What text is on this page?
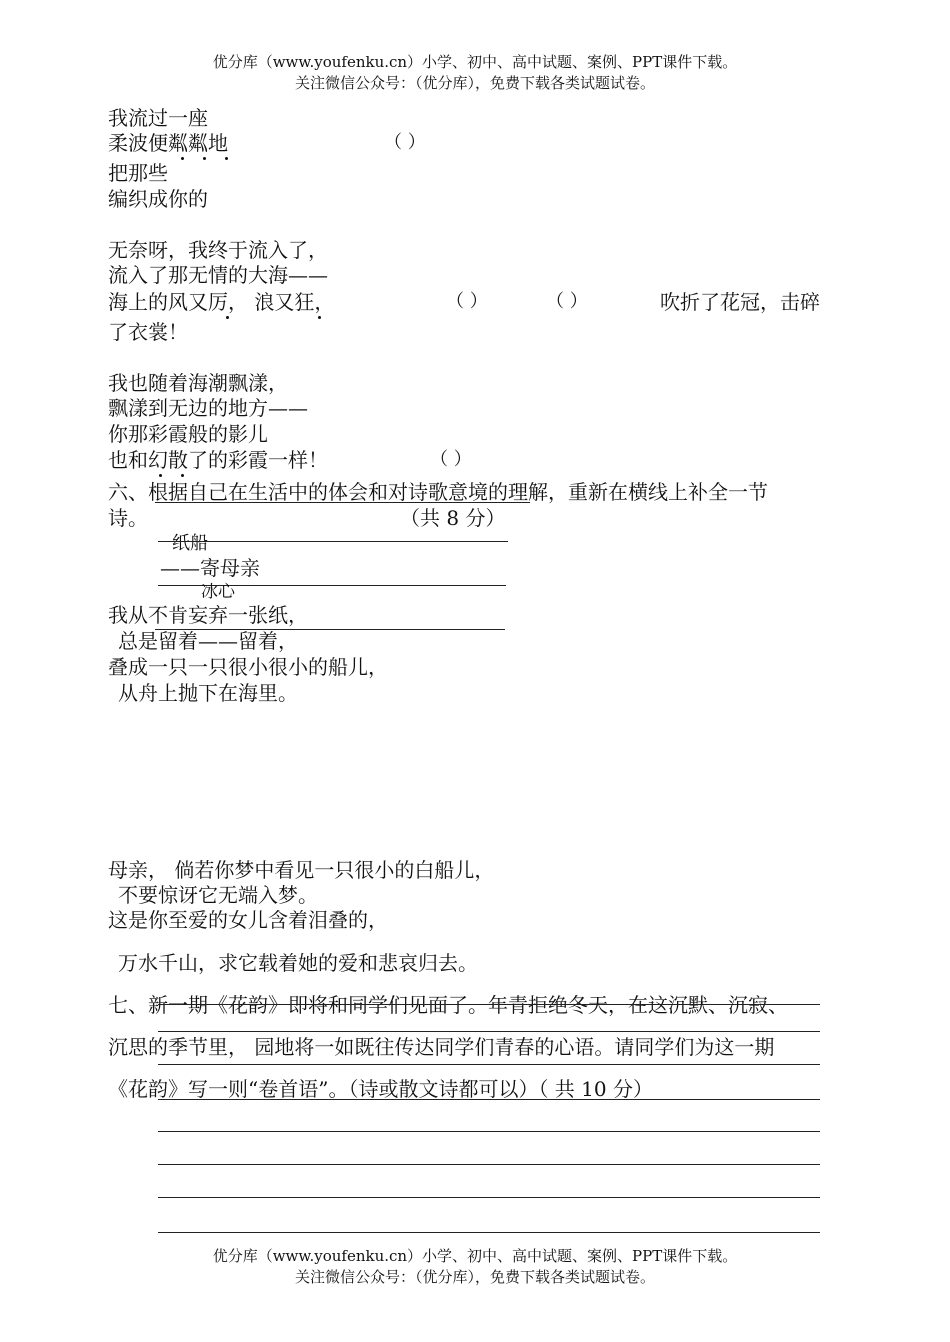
优分库（www.youfenku.cn）小学、初中、高中试题、案例、PPT课件下载。
关注微信公众号：（优分库），免费下载各类试题试卷。
我流过一座
柔波便粼粼地	（ ）
把那些
编织成你的
无奈呀，我终于流入了，
流入了那无情的大海——
海上的风又厉， 浪又狂，	（ ）	（ ）	吹折了花冠，击碎
了衣裳！
我也随着海潮飘漾，
飘漾到无边的地方——
你那彩霞般的影儿
也和幻散了的彩霞一样！	（ ）
六、根据自己在生活中的体会和对诗歌意境的理解，重新在横线上补全一节
诗。	（共 8 分）
纸船
——寄母亲
冰心
我从不肯妄弃一张纸，
总是留着——留着，
叠成一只一只很小很小的船儿，
从舟上抛下在海里。
母亲， 倘若你梦中看见一只很小的白船儿，
不要惊讶它无端入梦。
这是你至爱的女儿含着泪叠的，
万水千山，求它载着她的爱和悲哀归去。
七、新一期《花韵》即将和同学们见面了。年青拒绝冬天，在这沉默、沉寂、
沉思的季节里， 园地将一如既往传达同学们青春的心语。请同学们为这一期
《花韵》写一则“卷首语”。（诗或散文诗都可以）（ 共 10 分）
优分库（www.youfenku.cn）小学、初中、高中试题、案例、PPT课件下载。
关注微信公众号：（优分库），免费下载各类试题试卷。
